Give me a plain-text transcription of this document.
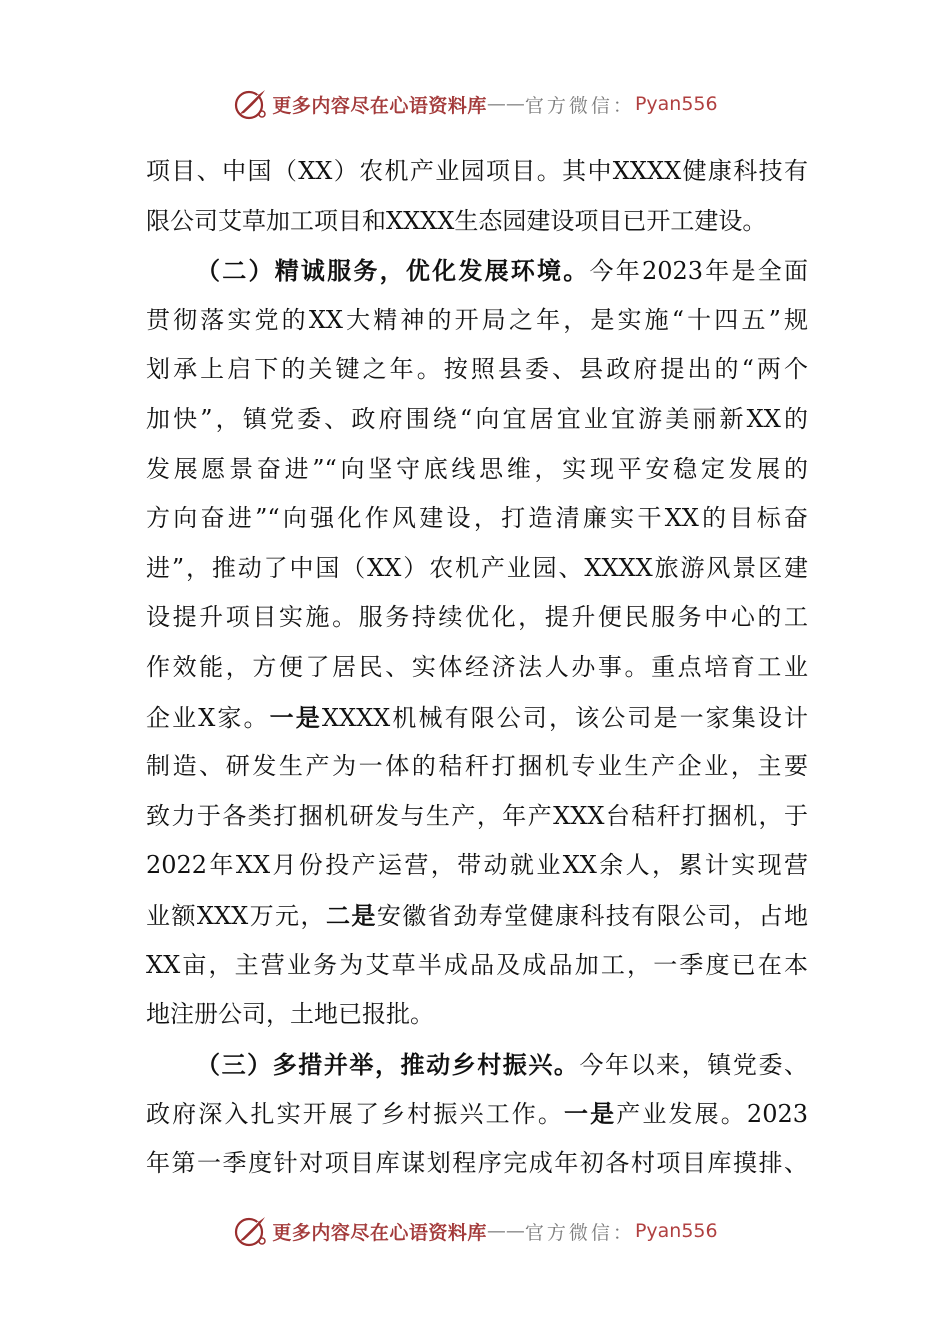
更多内容尽在心语资料库 —— 官方微信： Pyan556
项目、中国（XX）农机产业园项目。其中XXXX健康科技有
限公司艾草加工项目和XXXX生态园建设项目已开工建设。
（二）精诚服务，优化发展环境。今年2023年是全面
贯彻落实党的XX大精神的开局之年，是实施“十四五”规
划承上启下的关键之年。按照县委、县政府提出的“两个
加快”，镇党委、政府围绕“向宜居宜业宜游美丽新XX的
发展愿景奋进”“向坚守底线思维，实现平安稳定发展的
方向奋进”“向强化作风建设，打造清廉实干XX的目标奋
进”，推动了中国（XX）农机产业园、XXXX旅游风景区建
设提升项目实施。服务持续优化，提升便民服务中心的工
作效能，方便了居民、实体经济法人办事。重点培育工业
企业X家。一是XXXX机械有限公司，该公司是一家集设计
制造、研发生产为一体的秸秆打捆机专业生产企业，主要
致力于各类打捆机研发与生产，年产XXX台秸秆打捆机，于
2022年XX月份投产运营，带动就业XX余人，累计实现营
业额XXX万元，二是安徽省劲寿堂健康科技有限公司，占地
XX亩，主营业务为艾草半成品及成品加工，一季度已在本
地注册公司，土地已报批。
（三）多措并举，推动乡村振兴。今年以来，镇党委、
政府深入扎实开展了乡村振兴工作。一是产业发展。2023
年第一季度针对项目库谋划程序完成年初各村项目库摸排、
更多内容尽在心语资料库 —— 官方微信： Pyan556
